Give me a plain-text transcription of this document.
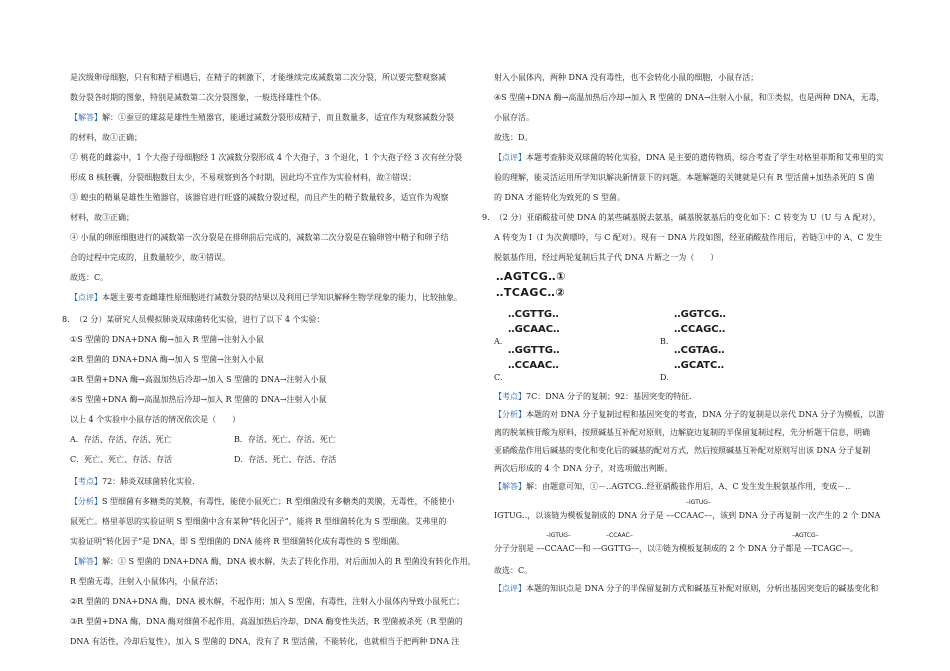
是次级卵母细胞，只有和精子相遇后，在精子的刺激下，才能继续完成减数第二次分裂，所以要完整观察减
数分裂各时期的图象，特别是减数第二次分裂图象，一般选择雄性个体。
【解答】解：①蚕豆的雄蕊是雄性生殖器官，能通过减数分裂形成精子，而且数量多，适宜作为观察减数分裂
的材料，故①正确；
② 桃花的雌蕊中，1 个大孢子母细胞经 1 次减数分裂形成 4 个大孢子，3 个退化，1 个大孢子经 3 次有丝分裂
形成 8 核胚囊，分裂细胞数目太少，不易观察到各个时期，因此均不宜作为实验材料，故②错误；
③ 蝗虫的精巢是雄性生殖器官，该器官进行旺盛的减数分裂过程，而且产生的精子数量较多，适宜作为观察
材料，故③正确；
④ 小鼠的卵原细胞进行的减数第一次分裂是在排卵前后完成的，减数第二次分裂是在输卵管中精子和卵子结
合的过程中完成的，且数量较少，故④错误。
故选：C。
【点评】本题主要考查雌雄性原细胞进行减数分裂的结果以及利用已学知识解释生物学现象的能力，比较抽象。
8. （2 分）某研究人员模拟肺炎双球菌转化实验，进行了以下 4 个实验：
①S 型菌的 DNA+DNA 酶→加入 R 型菌→注射入小鼠
②R 型菌的 DNA+DNA 酶→加入 S 型菌→注射入小鼠
③R 型菌+DNA 酶→高温加热后冷却→加入 S 型菌的 DNA→注射入小鼠
④S 型菌+DNA 酶→高温加热后冷却→加入 R 型菌的 DNA→注射入小鼠
以上 4 个实验中小鼠存活的情况依次是（　　）
A．存活、存活、存活、死亡	B．存活、死亡、存活、死亡
C．死亡、死亡、存活、存活	D．存活、死亡、存活、存活
【考点】72：肺炎双球菌转化实验.
【分析】S 型细菌有多糖类的荚膜，有毒性，能使小鼠死亡；R 型细菌没有多糖类的荚膜，无毒性，不能使小
鼠死亡。格里菲思的实验证明 S 型细菌中含有某种“转化因子”，能将 R 型细菌转化为 S 型细菌。艾弗里的
实验证明“转化因子”是 DNA，即 S 型细菌的 DNA 能将 R 型细菌转化成有毒性的 S 型细菌。
【解答】解：① S 型菌的 DNA+DNA 酶，DNA 被水解，失去了转化作用，对后面加入的 R 型菌没有转化作用，
R 型菌无毒，注射入小鼠体内，小鼠存活；
②R 型菌的 DNA+DNA 酶，DNA 被水解，不起作用；加入 S 型菌，有毒性，注射入小鼠体内导致小鼠死亡；
③R 型菌+DNA 酶，DNA 酶对细菌不起作用，高温加热后冷却，DNA 酶变性失活，R 型菌被杀死（R 型菌的
DNA 有活性，冷却后复性），加入 S 型菌的 DNA，没有了 R 型活菌，不能转化，也就相当于把两种 DNA 注
射入小鼠体内，两种 DNA 没有毒性，也不会转化小鼠的细胞，小鼠存活；
④S 型菌+DNA 酶→高温加热后冷却→加入 R 型菌的 DNA→注射入小鼠，和③类似，也是两种 DNA，无毒，
小鼠存活。
故选：D。
【点评】本题考查肺炎双球菌的转化实验，DNA 是主要的遗传物质，综合考查了学生对格里菲斯和艾弗里的实
验的理解，能灵活运用所学知识解决新情景下的问题。本题解题的关键就是只有 R 型活菌+加热杀死的 S 菌
的 DNA 才能转化为致死的 S 型菌。
9. （2 分）亚硝酸盐可使 DNA 的某些碱基脱去氨基，碱基脱氨基后的变化如下：C 转变为 U（U 与 A 配对），
A 转变为 I（I 为次黄嘌呤，与 C 配对）。现有一 DNA 片段如图，经亚硝酸盐作用后，若链①中的 A、C 发生
脱氨基作用，经过两轮复制后其子代 DNA 片断之一为（　　）
‥AGTCG‥①
‥TCAGC‥②
‥CGTTG‥
‥GCAAC‥
A．
‥GGTCG‥
‥CCAGC‥
B．
‥GGTTG‥
‥CCAAC‥
C．
‥CGTAG‥
‥GCATC‥
D．
【考点】7C：DNA 分子的复制；92：基因突变的特征.
【分析】本题的对 DNA 分子复制过程和基因突变的考查，DNA 分子的复制是以亲代 DNA 分子为模板，以游
离的脱氧核苷酸为原料，按照碱基互补配对原则，边解旋边复制的半保留复制过程，先分析题干信息，明确
亚硝酸盐作用后碱基的变化和变化后的碱基的配对方式，然后按照碱基互补配对原则写出该 DNA 分子复制
两次后形成的 4 个 DNA 分子，对选项做出判断。
【解答】解：由题意可知，①－‥AGTCG‥经亚硝酸盐作用后，A、C 发生发生脱氨基作用，变成－‥
–IGTUG–
IGTUG‥，以该链为模板复制成的 DNA 分子是 ––CCAAC––，该到 DNA 分子再复制一次产生的 2 个 DNA
–IGTUG–	–CCAAC–	–AGTCG–
分子分别是 ––CCAAC––和 ––GGTTG––，以②链为模板复制成的 2 个 DNA 分子都是 ––TCAGC––。
故选：C。
【点评】本题的知识点是 DNA 分子的半保留复制方式和碱基互补配对原则，分析出基因突变后的碱基变化和
